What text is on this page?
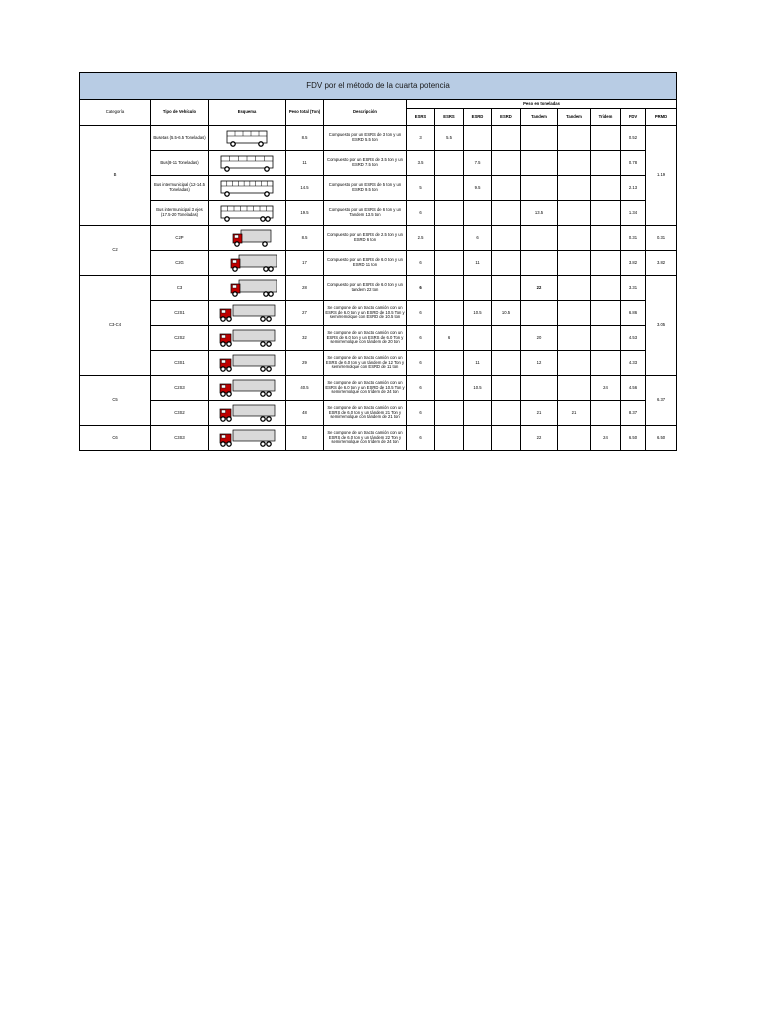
FDV por el método de la cuarta potencia													
Categoría	Tipo de Vehículo	Esquema	Peso total (Ton)	Descripción	Peso en toneladas								
					ESRS	ESRS	ESRD	ESRD	Tandem	Tandem	Tridem	FDV	PRMD
B	Busetas (5.5-6.5 Toneladas)		8.5	Compuesto por un ESRS de 3 ton y un ESRD 5.5 ton	3	5.5						0.52	1.19
	Bus(8-11 Toneladas)		11	Compuesto por un ESRS de 3.5 ton y un ESRD 7.5 ton	3.5		7.5					0.78	
	Bus intermunicipal (12-14.5 Toneladas)		14.5	Compuesto por un ESRS de 5 ton y un ESRD 9.5 ton	5		9.5					2.13	
	Bus intermunicipal 3 ejes (17.5-20 Toneladas)		19.5	Compuesto por un ESRS de 6 ton y un Tandem 13.5 ton	6				13.5			1.34	
C2	C2P		8.5	Compuesto por un ESRS de 2.5 ton y un ESRD 6 ton	2.5		6					0.31	0.31
	C2G		17	Compuesto por un ESRS de 6.0 ton y un ESRD 11 ton	6		11					3.82	3.82
C3-C4	C3		28	Compuesto por un ESRS de 6.0 ton y un tandem 22 ton	6				22			3.31	3.05
	C2S1		27	Se compone de un tracto camión con un ESRS de 6.0 ton y un ESRD de 10.5 Ton y semirremolque con ESRD de 10.5 ton	6		10.5	10.5				6.86	
	C2S2		32	Se compone de un tracto camión con un ESRS de 6.0 ton y un ESRS de 6.0 Ton y semirremolque con tándem de 20 ton	6	6			20			4.53	
	C3S1		29	Se compone de un tracto camión con un ESRS de 6.0 ton y un tándem de 12 Ton y semirremolque con ESRD de 11 ton	6		11		12			4.33	
C5	C2S3		40.5	Se compone de un tracto camión con un ESRS de 6.0 ton y un ESRD de 10.5 Ton y semirremolque con trídem de 24 ton	6		10.5				24	4.56	6.37
	C3S2		48	Se compone de un tracto camión con un ESRS de 6.0 ton y un tándem 21 Ton y semirremolque con tándem de 21 ton	6				21	21		8.37	
C6	C3S3		52	Se compone de un tracto camión con un ESRS de 6.0 ton y un tándem 22 Ton y semirremolque con trídem de 24 ton	6				22		24	6.50	6.50
